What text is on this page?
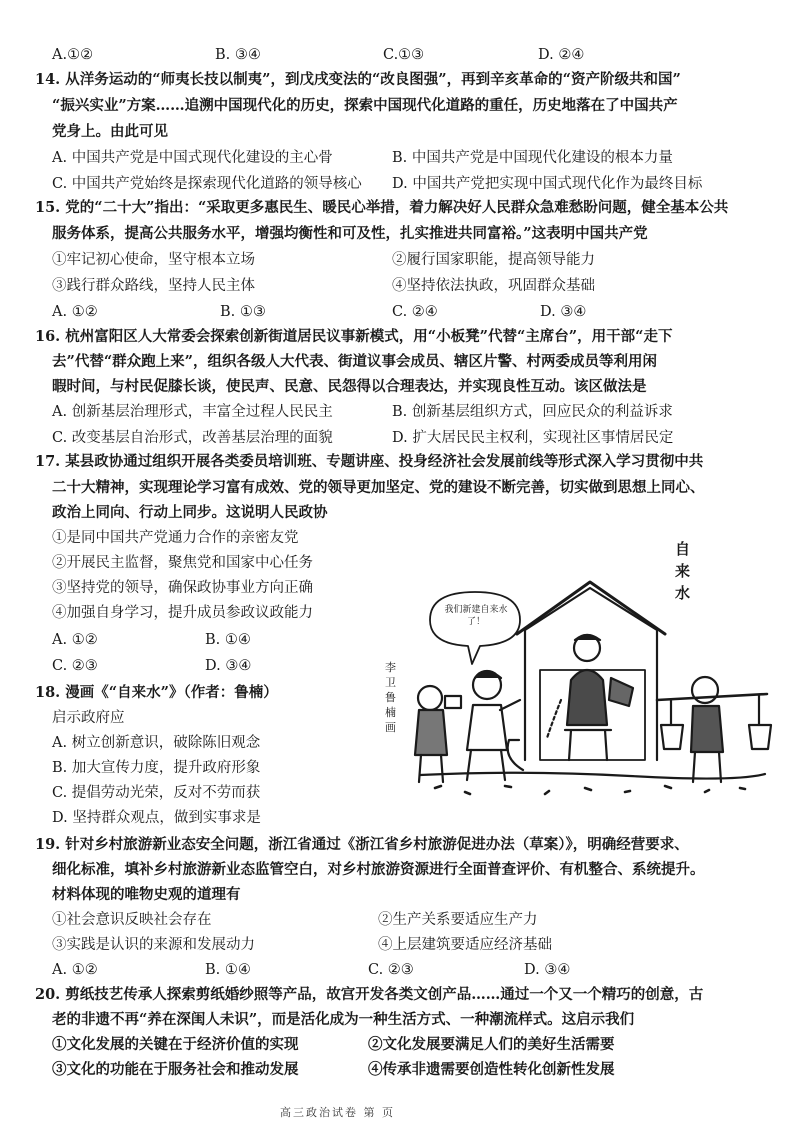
A.①②	B. ③④	C.①③	D. ②④
14. 从洋务运动的“师夷长技以制夷”，到戊戌变法的“改良图强”，再到辛亥革命的“资产阶级共和国”
“振兴实业”方案……追溯中国现代化的历史，探索中国现代化道路的重任，历史地落在了中国共产
党身上。由此可见
A. 中国共产党是中国式现代化建设的主心骨	B. 中国共产党是中国现代化建设的根本力量
C. 中国共产党始终是探索现代化道路的领导核心 D. 中国共产党把实现中国式现代化作为最终目标
15. 党的“二十大”指出：“采取更多惠民生、暖民心举措，着力解决好人民群众急难愁盼问题，健全基本公共
服务体系，提高公共服务水平，增强均衡性和可及性，扎实推进共同富裕。”这表明中国共产党
①牢记初心使命，坚守根本立场	②履行国家职能，提高领导能力
③践行群众路线，坚持人民主体	④坚持依法执政，巩固群众基础
A. ①②	B. ①③	C. ②④	D. ③④
16. 杭州富阳区人大常委会探索创新街道居民议事新模式，用“小板凳”代替“主席台”，用干部“走下
去”代替“群众跑上来”，组织各级人大代表、街道议事会成员、辖区片警、村两委成员等利用闲
暇时间，与村民促膝长谈，使民声、民意、民怨得以合理表达，并实现良性互动。该区做法是
A. 创新基层治理形式，丰富全过程人民民主	B. 创新基层组织方式，回应民众的利益诉求
C. 改变基层自治形式，改善基层治理的面貌	D. 扩大居民民主权利，实现社区事情居民定
17. 某县政协通过组织开展各类委员培训班、专题讲座、投身经济社会发展前线等形式深入学习贯彻中共
二十大精神，实现理论学习富有成效、党的领导更加坚定、党的建设不断完善，切实做到思想上同心、
政治上同向、行动上同步。这说明人民政协
①是同中国共产党通力合作的亲密友党
②开展民主监督，聚焦党和国家中心任务
③坚持党的领导，确保政协事业方向正确
④加强自身学习，提升成员参政议政能力
A. ①②	B. ①④
C. ②③	D. ③④
18. 漫画《“自来水”》（作者：鲁楠）
启示政府应
A. 树立创新意识，破除陈旧观念
B. 加大宣传力度，提升政府形象
C. 提倡劳动光荣，反对不劳而获
D. 坚持群众观点，做到实事求是
自来水
李卫 鲁楠画
我们新建自来水了！
19. 针对乡村旅游新业态安全问题，浙江省通过《浙江省乡村旅游促进办法（草案）》，明确经营要求、
细化标准，填补乡村旅游新业态监管空白，对乡村旅游资源进行全面普查评价、有机整合、系统提升。
材料体现的唯物史观的道理有
①社会意识反映社会存在	②生产关系要适应生产力
③实践是认识的来源和发展动力	④上层建筑要适应经济基础
A. ①②	B. ①④	C. ②③	D. ③④
20. 剪纸技艺传承人探索剪纸婚纱照等产品，故宫开发各类文创产品……通过一个又一个精巧的创意，古
老的非遗不再“养在深闺人未识”，而是活化成为一种生活方式、一种潮流样式。这启示我们
①文化发展的关键在于经济价值的实现	②文化发展要满足人们的美好生活需要
③文化的功能在于服务社会和推动发展	④传承非遗需要创造性转化创新性发展
高三政治试卷 第 页
